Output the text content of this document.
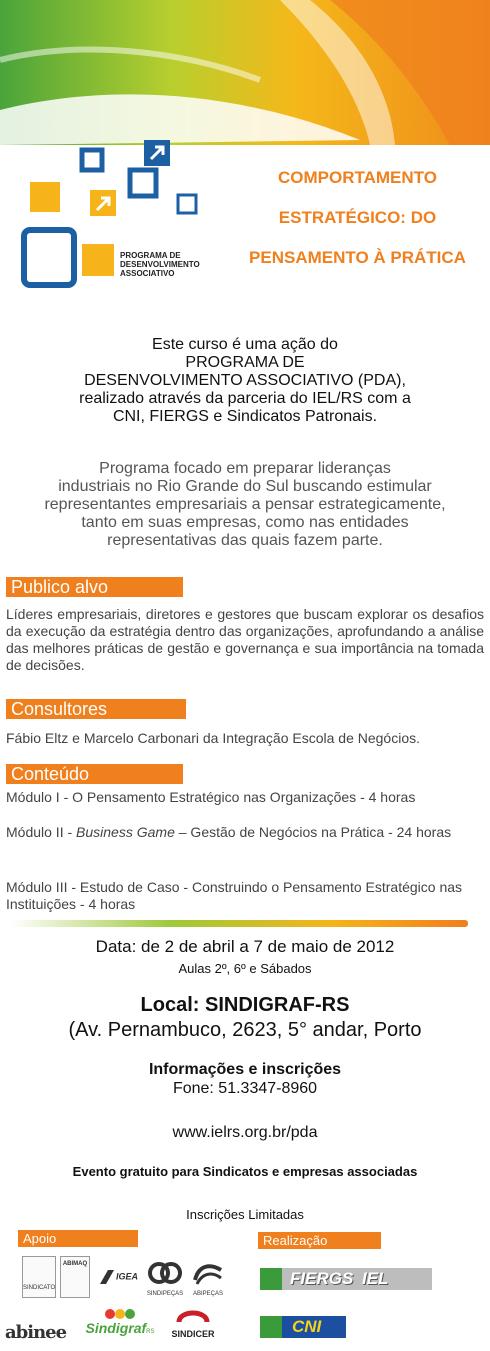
PROGRAMA DE
DESENVOLVIMENTO
ASSOCIATIVO
COMPORTAMENTO
ESTRATÉGICO: DO
PENSAMENTO À PRÁTICA
Este curso é uma ação do
PROGRAMA DE
DESENVOLVIMENTO ASSOCIATIVO (PDA),
realizado através da parceria do IEL/RS com a
CNI, FIERGS e Sindicatos Patronais.
Programa focado em preparar lideranças
industriais no Rio Grande do Sul buscando estimular
representantes empresariais a pensar estrategicamente,
tanto em suas empresas, como nas entidades
representativas das quais fazem parte.
Publico alvo
Líderes empresariais, diretores e gestores que buscam explorar os desafios da execução da estratégia dentro das organizações, aprofundando a análise das melhores práticas de gestão e governança e sua importância na tomada de decisões.
Consultores
Fábio Eltz e Marcelo Carbonari da Integração Escola de Negócios.
Conteúdo
Módulo I - O Pensamento Estratégico nas Organizações - 4 horas
Módulo II - Business Game – Gestão de Negócios na Prática - 24 horas
Módulo III - Estudo de Caso - Construindo o Pensamento Estratégico nas Instituições - 4 horas
Data: de 2 de abril a 7 de maio de 2012
Aulas 2º, 6º e Sábados
Local: SINDIGRAF-RS
(Av. Pernambuco, 2623, 5° andar, Porto
Informações e inscrições
Fone: 51.3347-8960
www.ielrs.org.br/pda
Evento gratuito para Sindicatos e empresas associadas
Inscrições Limitadas
Apoio	Realização
SINDICATO
ABIMAQ
IGEA
SINDIPEÇAS	ABIPEÇAS
abinee	SindigrafRS	SINDICER
FIERGS IEL
CNI
